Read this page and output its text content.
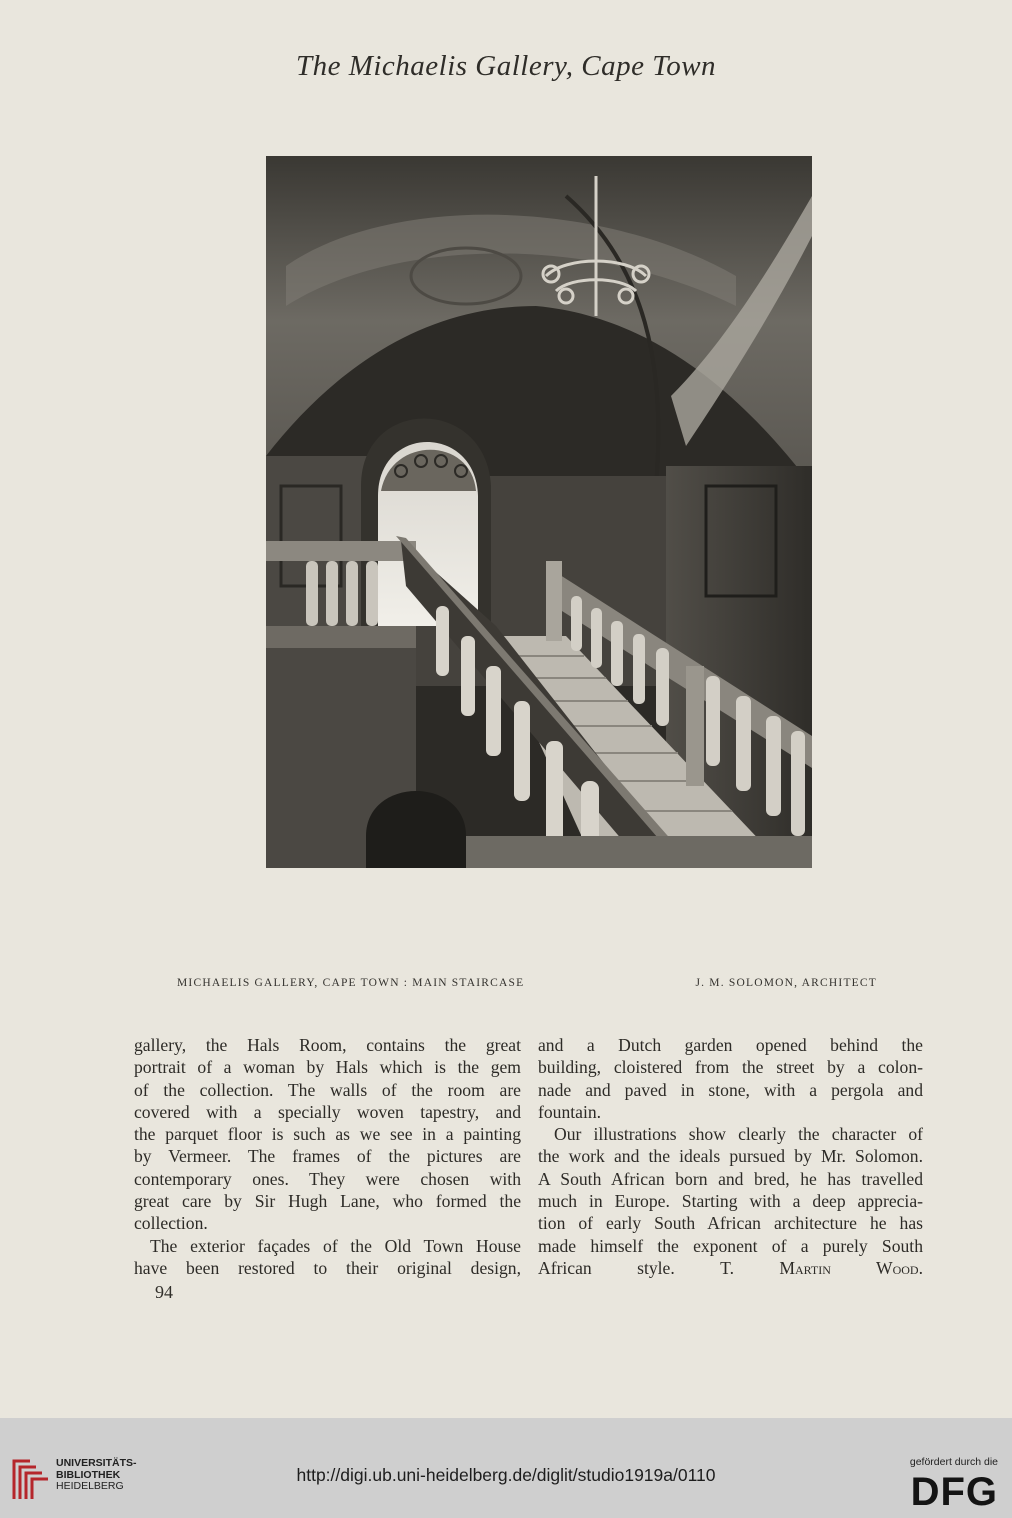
The Michaelis Gallery, Cape Town
MICHAELIS GALLERY, CAPE TOWN : MAIN STAIRCASE	J. M. SOLOMON, ARCHITECT
gallery, the Hals Room, contains the great
portrait of a woman by Hals which is the gem
of the collection. The walls of the room are
covered with a specially woven tapestry, and
the parquet floor is such as we see in a painting
by Vermeer. The frames of the pictures are
contemporary ones. They were chosen with
great care by Sir Hugh Lane, who formed the
collection.
The exterior façades of the Old Town House
have been restored to their original design,
and a Dutch garden opened behind the
building, cloistered from the street by a colon-
nade and paved in stone, with a pergola and
fountain.
Our illustrations show clearly the character of
the work and the ideals pursued by Mr. Solomon.
A South African born and bred, he has travelled
much in Europe. Starting with a deep apprecia-
tion of early South African architecture he has
made himself the exponent of a purely South
African style.	T. Martin Wood.
94
UNIVERSITÄTS-
BIBLIOTHEK
HEIDELBERG
http://digi.ub.uni-heidelberg.de/diglit/studio1919a/0110
gefördert durch die
DFG
